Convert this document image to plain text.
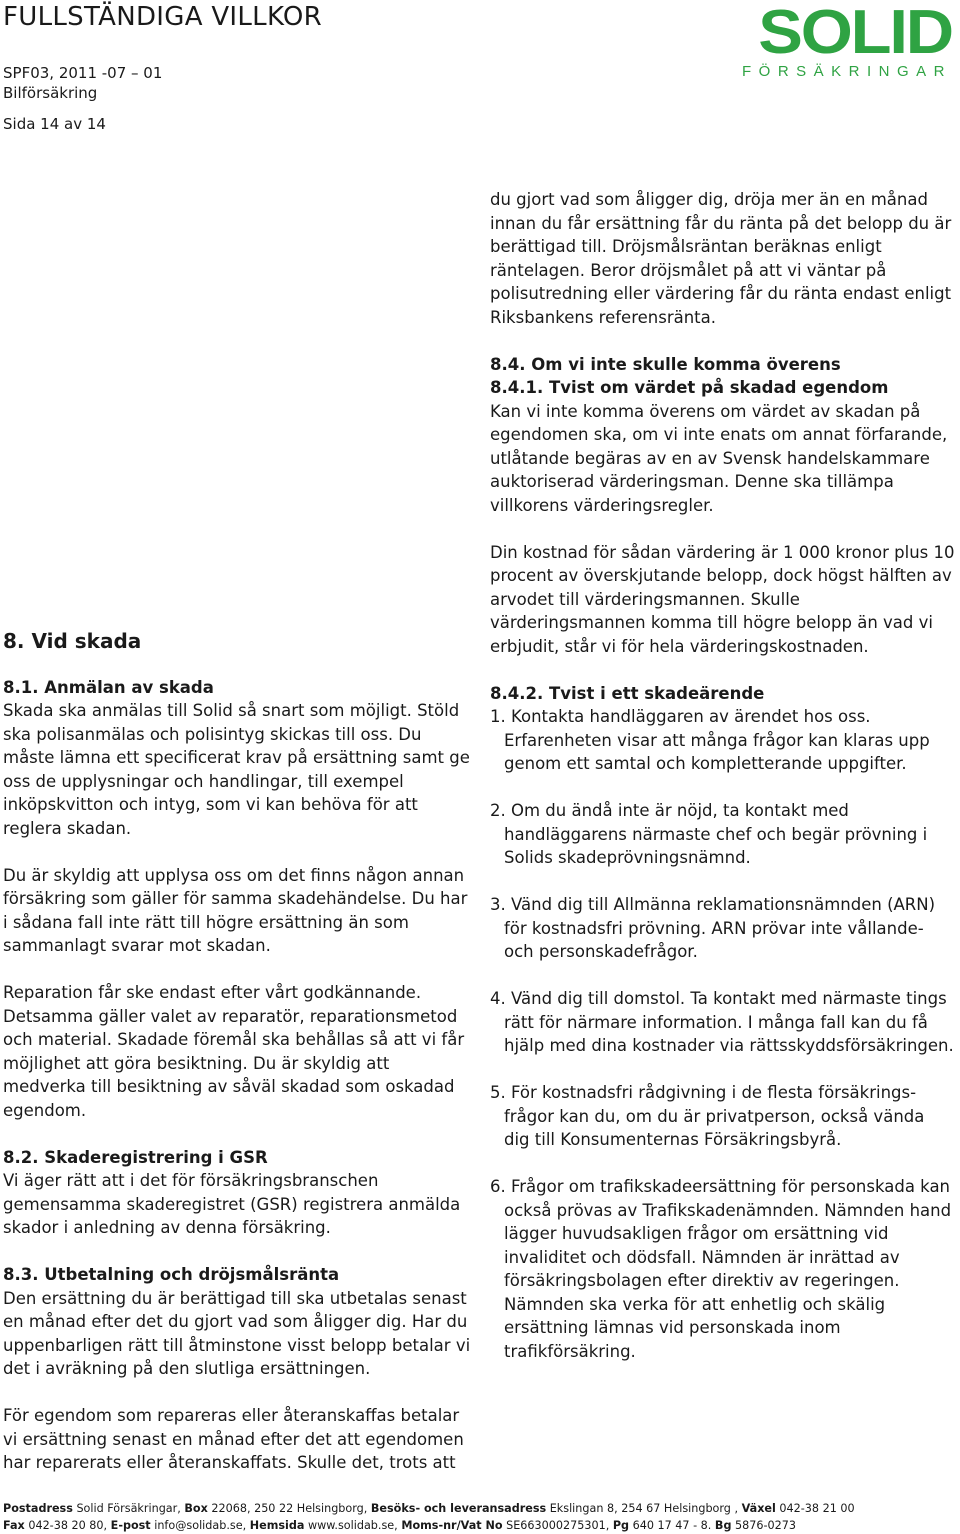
FULLSTÄNDIGA VILLKOR
SPF03, 2011 -07 – 01
Bilförsäkring
Sida 14 av 14
SOLID
FÖRSÄKRINGAR

du gjort vad som åligger dig, dröja mer än en månad innan du får ersättning får du ränta på det belopp du är berättigad till. Dröjsmålsräntan beräknas enligt räntelagen. Beror dröjsmålet på att vi väntar på polisutredning eller värdering får du ränta endast enligt Riksbankens referensränta.

8.4. Om vi inte skulle komma överens

8.4.1. Tvist om värdet på skadad egendom

Kan vi inte komma överens om värdet av skadan på egendomen ska, om vi inte enats om annat förfarande, utlåtande begäras av en av Svensk handelskammare auktoriserad värderingsman. Denne ska tillämpa villkorens värderingsregler.

Din kostnad för sådan värdering är 1 000 kronor plus 10 procent av överskjutande belopp, dock högst hälften av arvodet till värderingsmannen. Skulle värderingsmannen komma till högre belopp än vad vi erbjudit, står vi för hela värderingskostnaden.

8.4.2. Tvist i ett skadeärende

1. Kontakta handläggaren av ärendet hos oss. Erfarenheten visar att många frågor kan klaras upp genom ett samtal och kompletterande uppgifter.

2. Om du ändå inte är nöjd, ta kontakt med handläggarens närmaste chef och begär prövning i Solids skadeprövningsnämnd.

3. Vänd dig till Allmänna reklamationsnämnden (ARN) för kostnadsfri prövning. ARN prövar inte vållande- och personskadefrågor.

4. Vänd dig till domstol. Ta kontakt med närmaste tings rätt för närmare information. I många fall kan du få hjälp med dina kostnader via rättsskyddsförsäkringen.

5. För kostnadsfri rådgivning i de flesta försäkrings- frågor kan du, om du är privatperson, också vända dig till Konsumenternas Försäkringsbyrå.

6. Frågor om trafikskadeersättning för personskada kan också prövas av Trafikskadenämnden. Nämnden hand lägger huvudsakligen frågor om ersättning vid invaliditet och dödsfall. Nämnden är inrättad av försäkringsbolagen efter direktiv av regeringen. Nämnden ska verka för att enhetlig och skälig ersättning lämnas vid personskada inom trafikförsäkring.

8. Vid skada

8.1. Anmälan av skada

Skada ska anmälas till Solid så snart som möjligt. Stöld ska polisanmälas och polisintyg skickas till oss. Du måste lämna ett specificerat krav på ersättning samt ge oss de upplysningar och handlingar, till exempel inköpskvitton och intyg, som vi kan behöva för att reglera skadan.

Du är skyldig att upplysa oss om det finns någon annan försäkring som gäller för samma skadehändelse. Du har i sådana fall inte rätt till högre ersättning än som sammanlagt svarar mot skadan.

Reparation får ske endast efter vårt godkännande. Detsamma gäller valet av reparatör, reparationsmetod och material. Skadade föremål ska behållas så att vi får möjlighet att göra besiktning. Du är skyldig att medverka till besiktning av såväl skadad som oskadad egendom.

8.2. Skaderegistrering i GSR

Vi äger rätt att i det för försäkringsbranschen gemensamma skaderegistret (GSR) registrera anmälda skador i anledning av denna försäkring.

8.3. Utbetalning och dröjsmålsränta

Den ersättning du är berättigad till ska utbetalas senast en månad efter det du gjort vad som åligger dig. Har du uppenbarligen rätt till åtminstone visst belopp betalar vi det i avräkning på den slutliga ersättningen.

För egendom som repareras eller återanskaffas betalar vi ersättning senast en månad efter det att egendomen har reparerats eller återanskaffats. Skulle det, trots att

Postadress Solid Försäkringar, Box 22068, 250 22 Helsingborg, Besöks- och leveransadress Ekslingan 8, 254 67 Helsingborg , Växel 042-38 21 00
Fax 042-38 20 80, E-post info@solidab.se, Hemsida www.solidab.se, Moms-nr/Vat No SE663000275301, Pg 640 17 47 - 8. Bg 5876-0273
